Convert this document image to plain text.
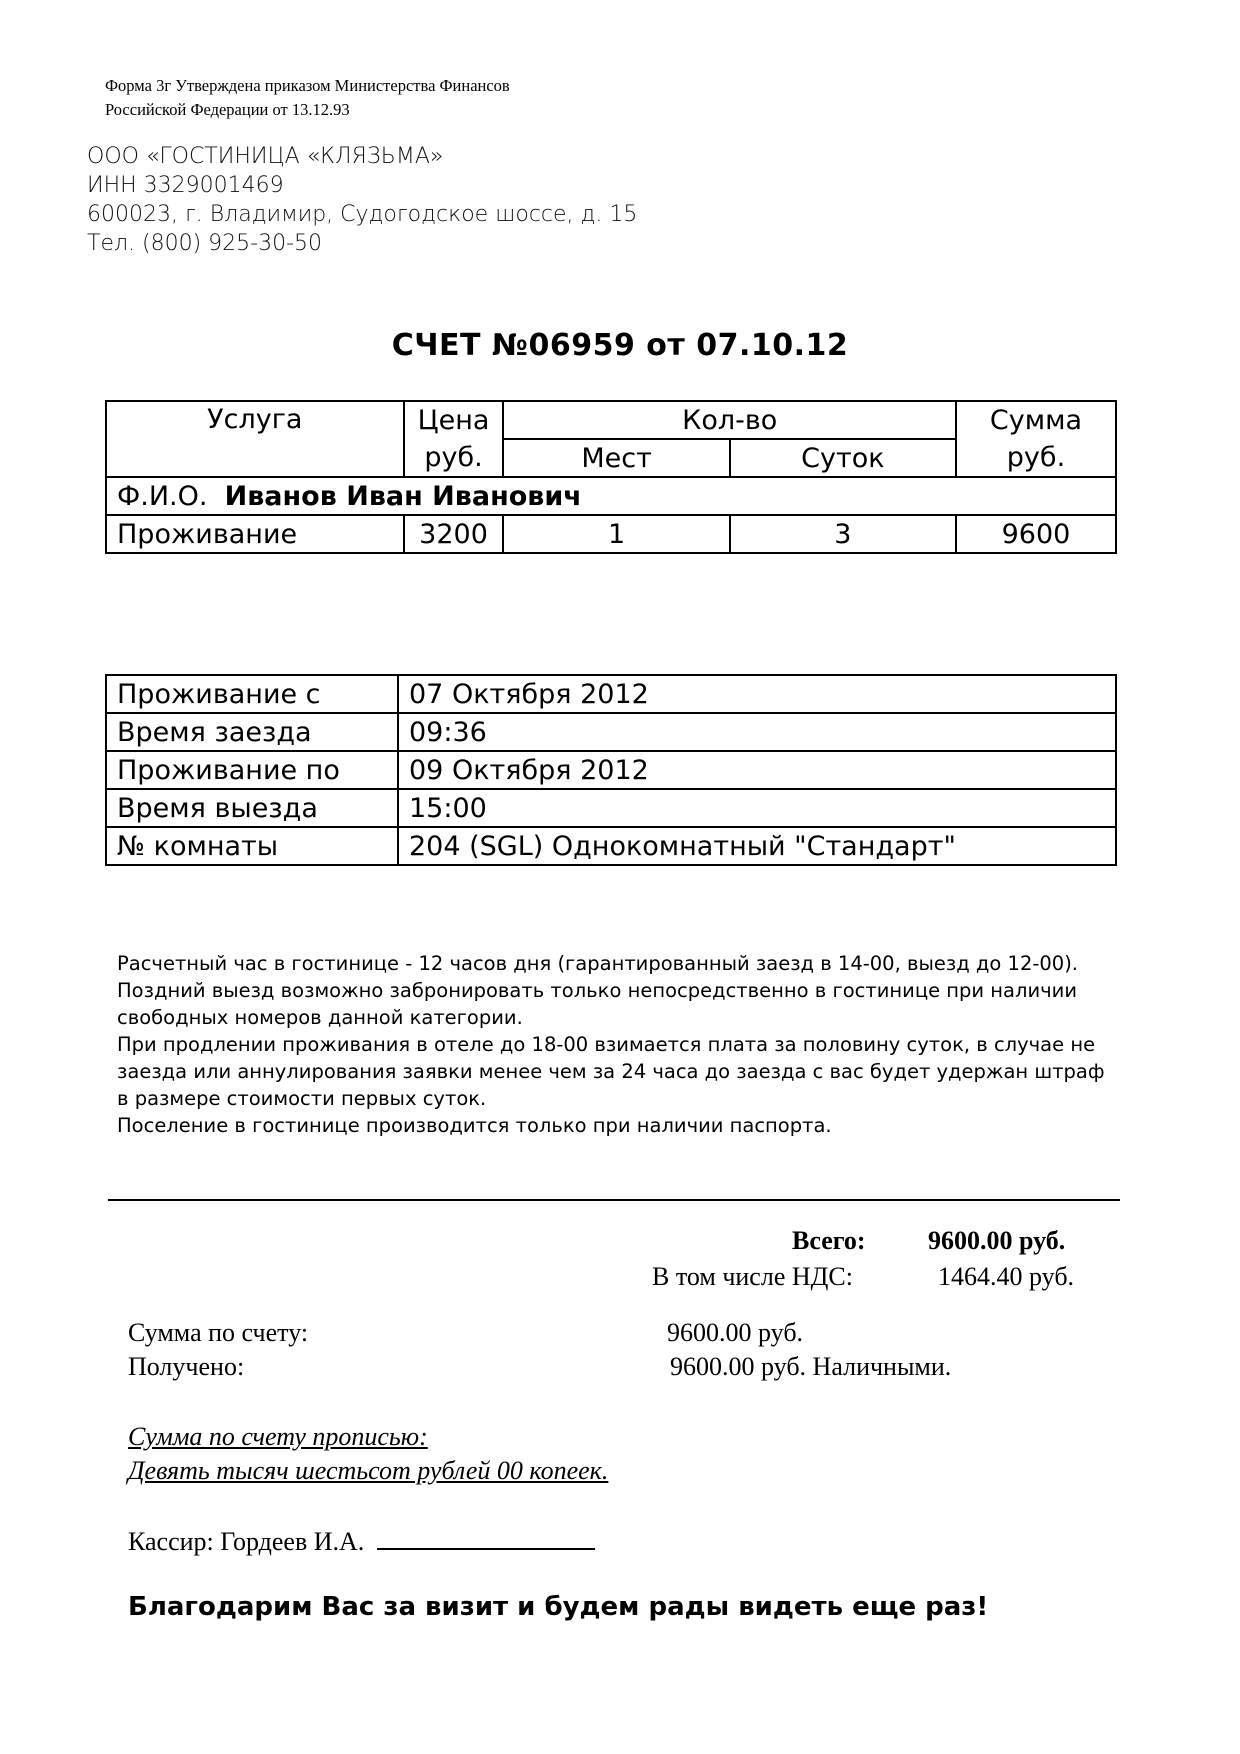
Форма 3г Утверждена приказом Министерства Финансов
Российской Федерации от 13.12.93
ООО «ГОСТИНИЦА «КЛЯЗЬМА»
ИНН 3329001469
600023, г. Владимир, Судогодское шоссе, д. 15
Тел. (800) 925-30-50
СЧЕТ №06959 от 07.10.12
Услуга	Цена	Кол-во		Сумма
	руб.	Мест	Суток	руб.
Ф.И.О. Иванов Иван Иванович				
Проживание	3200	1	3	9600
Проживание с	07 Октября 2012
Время заезда	09:36
Проживание по	09 Октября 2012
Время выезда	15:00
№ комнаты	204 (SGL) Однокомнатный "Стандарт"
Расчетный час в гостинице - 12 часов дня (гарантированный заезд в 14-00, выезд до 12-00).
Поздний выезд возможно забронировать только непосредственно в гостинице при наличии
свободных номеров данной категории.
При продлении проживания в отеле до 18-00 взимается плата за половину суток, в случае не
заезда или аннулирования заявки менее чем за 24 часа до заезда с вас будет удержан штраф
в размере стоимости первых суток.
Поселение в гостинице производится только при наличии паспорта.
Всего: 9600.00 руб.
В том числе НДС:	1464.40 руб.
Сумма по счету:	9600.00 руб.
Получено:	9600.00 руб. Наличными.
Сумма по счету прописью:
Девять тысяч шестьсот рублей 00 копеек.
Кассир: Гордеев И.А.
Благодарим Вас за визит и будем рады видеть еще раз!
